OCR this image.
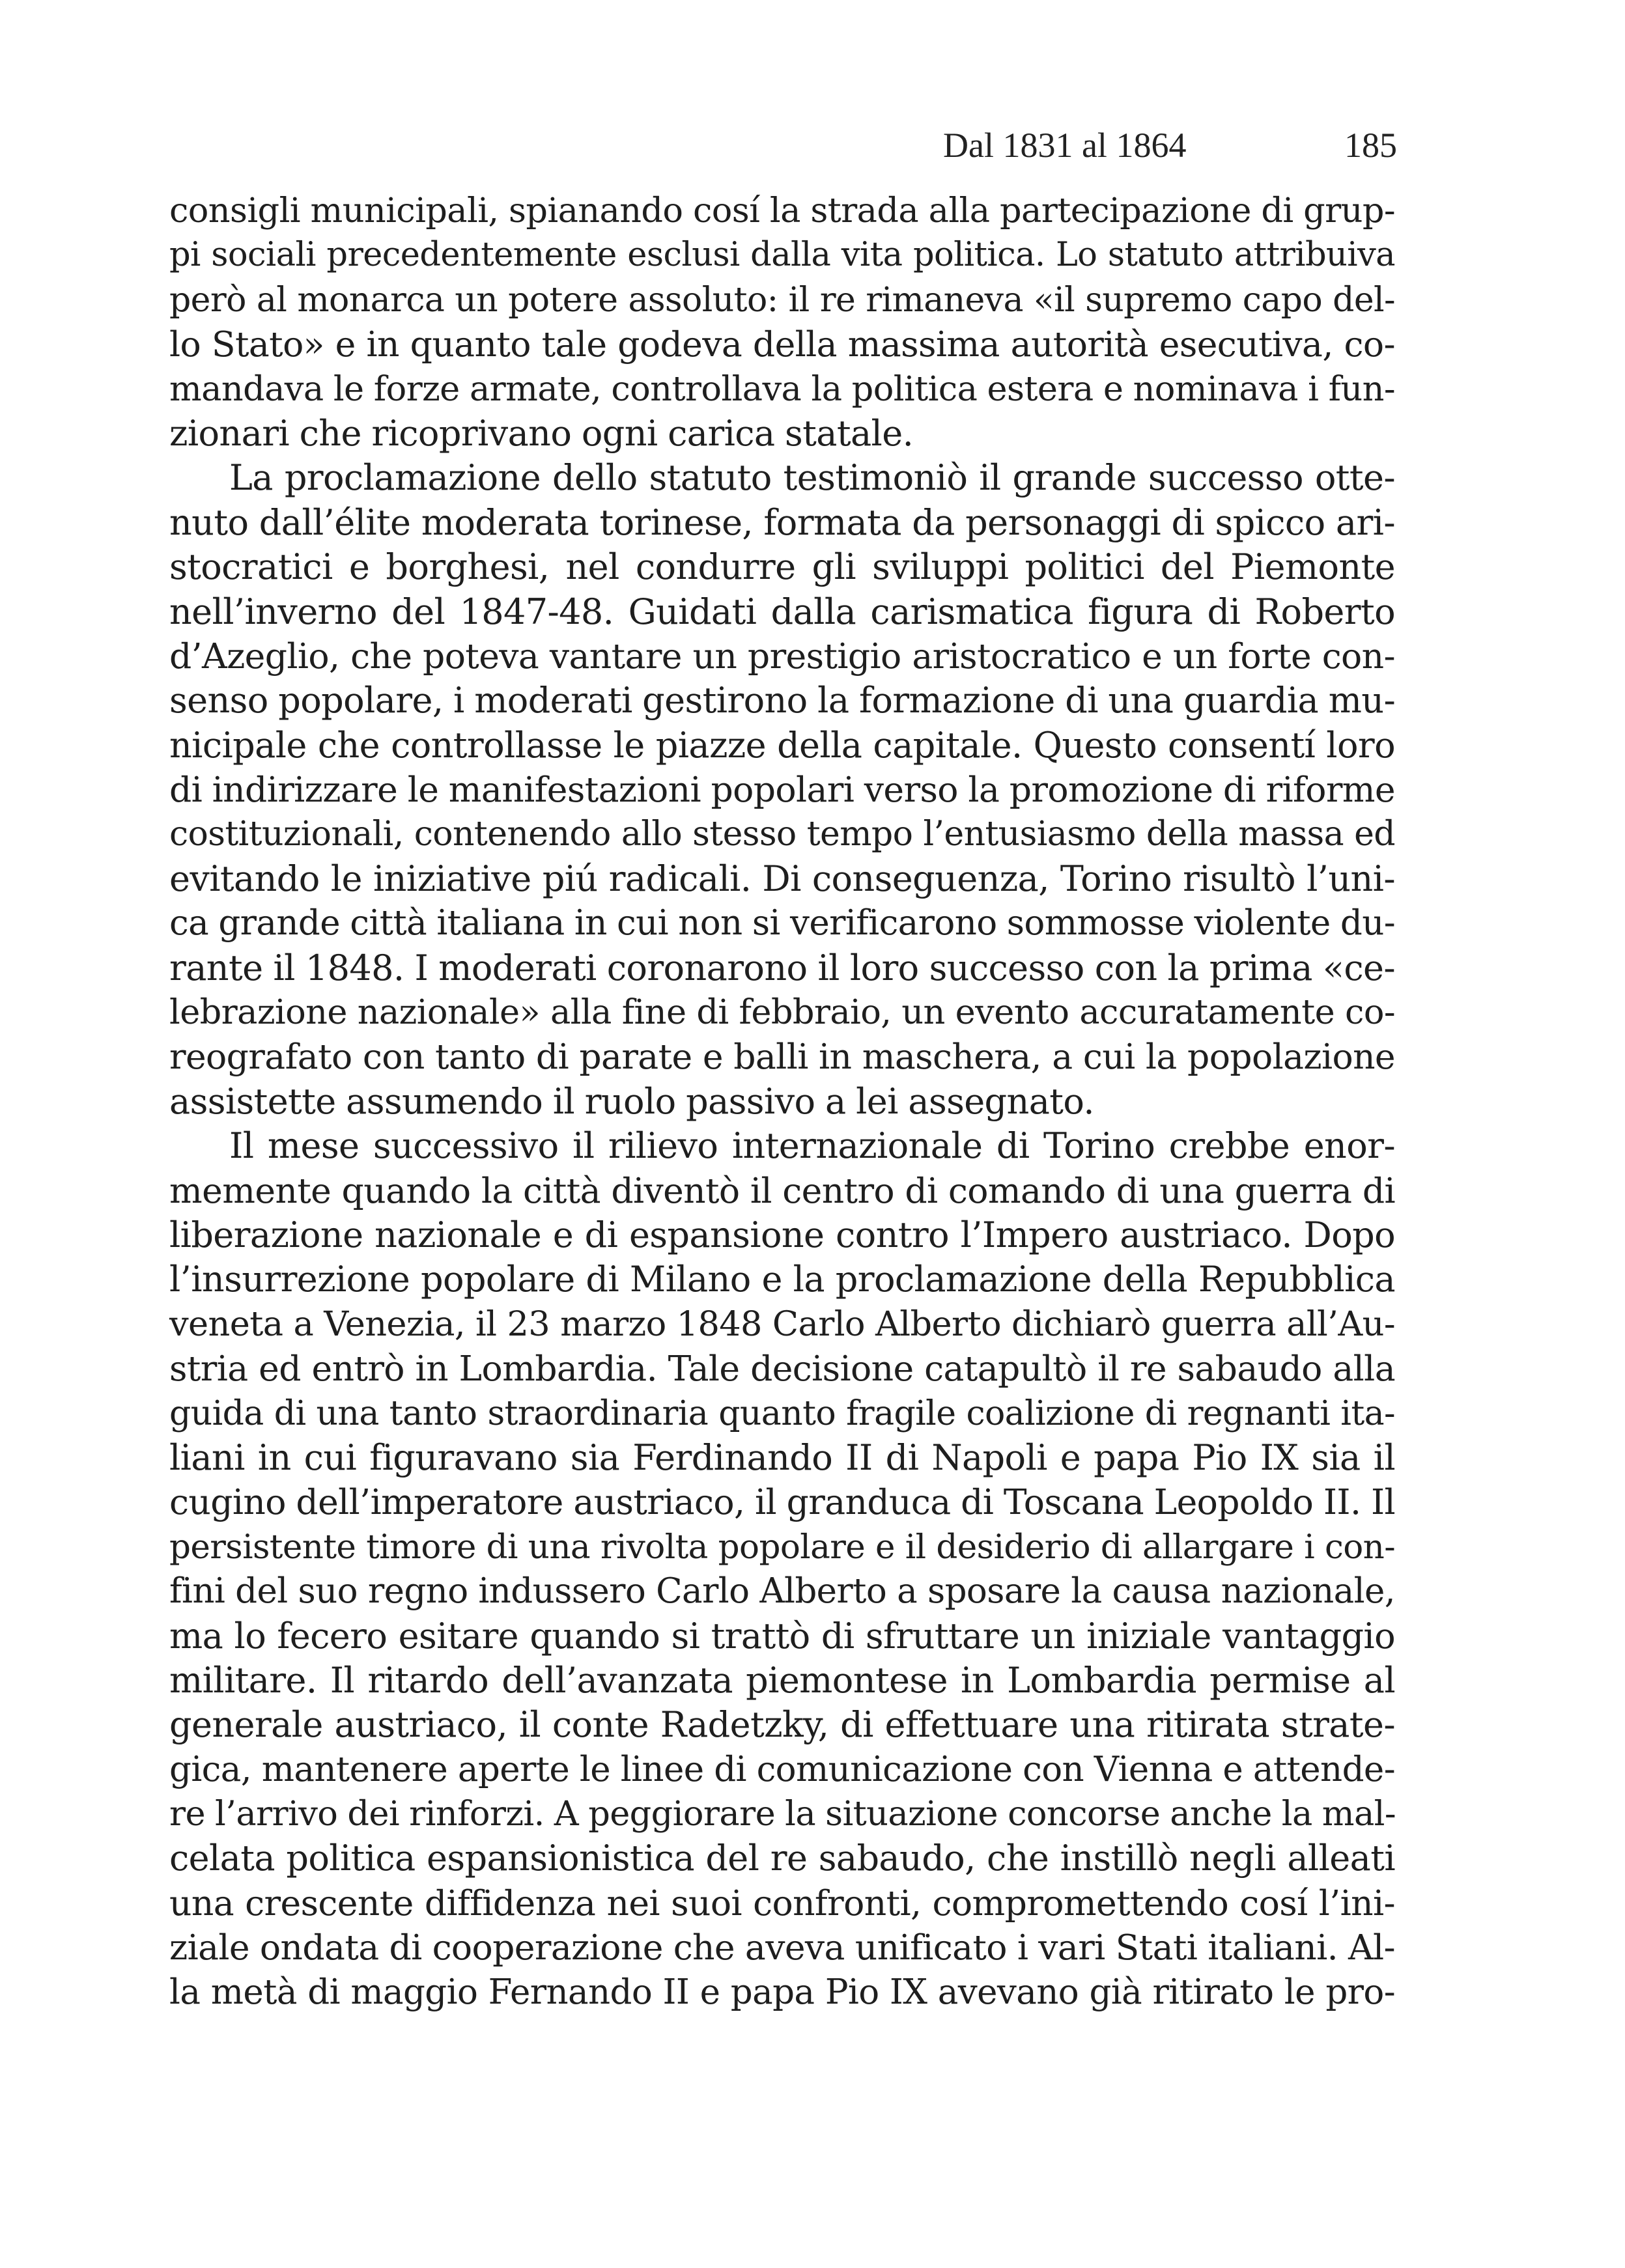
Dal 1831 al 1864	185
consigli municipali, spianando cosí la strada alla partecipazione di grup-
pi sociali precedentemente esclusi dalla vita politica. Lo statuto attribuiva
però al monarca un potere assoluto: il re rimaneva «il supremo capo del-
lo Stato» e in quanto tale godeva della massima autorità esecutiva, co-
mandava le forze armate, controllava la politica estera e nominava i fun-
zionari che ricoprivano ogni carica statale.
La proclamazione dello statuto testimoniò il grande successo otte-
nuto dall’élite moderata torinese, formata da personaggi di spicco ari-
stocratici e borghesi, nel condurre gli sviluppi politici del Piemonte
nell’inverno del 1847-48. Guidati dalla carismatica figura di Roberto
d’Azeglio, che poteva vantare un prestigio aristocratico e un forte con-
senso popolare, i moderati gestirono la formazione di una guardia mu-
nicipale che controllasse le piazze della capitale. Questo consentí loro
di indirizzare le manifestazioni popolari verso la promozione di riforme
costituzionali, contenendo allo stesso tempo l’entusiasmo della massa ed
evitando le iniziative piú radicali. Di conseguenza, Torino risultò l’uni-
ca grande città italiana in cui non si verificarono sommosse violente du-
rante il 1848. I moderati coronarono il loro successo con la prima «ce-
lebrazione nazionale» alla fine di febbraio, un evento accuratamente co-
reografato con tanto di parate e balli in maschera, a cui la popolazione
assistette assumendo il ruolo passivo a lei assegnato.
Il mese successivo il rilievo internazionale di Torino crebbe enor-
memente quando la città diventò il centro di comando di una guerra di
liberazione nazionale e di espansione contro l’Impero austriaco. Dopo
l’insurrezione popolare di Milano e la proclamazione della Repubblica
veneta a Venezia, il 23 marzo 1848 Carlo Alberto dichiarò guerra all’Au-
stria ed entrò in Lombardia. Tale decisione catapultò il re sabaudo alla
guida di una tanto straordinaria quanto fragile coalizione di regnanti ita-
liani in cui figuravano sia Ferdinando II di Napoli e papa Pio IX sia il
cugino dell’imperatore austriaco, il granduca di Toscana Leopoldo II. Il
persistente timore di una rivolta popolare e il desiderio di allargare i con-
fini del suo regno indussero Carlo Alberto a sposare la causa nazionale,
ma lo fecero esitare quando si trattò di sfruttare un iniziale vantaggio
militare. Il ritardo dell’avanzata piemontese in Lombardia permise al
generale austriaco, il conte Radetzky, di effettuare una ritirata strate-
gica, mantenere aperte le linee di comunicazione con Vienna e attende-
re l’arrivo dei rinforzi. A peggiorare la situazione concorse anche la mal-
celata politica espansionistica del re sabaudo, che instillò negli alleati
una crescente diffidenza nei suoi confronti, compromettendo cosí l’ini-
ziale ondata di cooperazione che aveva unificato i vari Stati italiani. Al-
la metà di maggio Fernando II e papa Pio IX avevano già ritirato le pro-
